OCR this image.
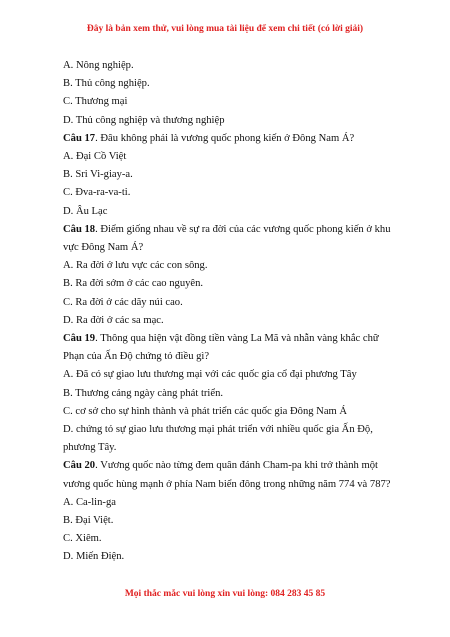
Đây là bản xem thử, vui lòng mua tài liệu để xem chi tiết (có lời giải)
A. Nông nghiệp.
B. Thủ công nghiệp.
C. Thương mại
D. Thủ công nghiệp và thương nghiệp
Câu 17. Đâu không phải là vương quốc phong kiến ở Đông Nam Á?
A. Đại Cồ Việt
B. Sri Vi-giay-a.
C. Đva-ra-va-ti.
D. Âu Lạc
Câu 18. Điểm giống nhau về sự ra đời của các vương quốc phong kiến ở khu vực Đông Nam Á?
A. Ra đời ở lưu vực các con sông.
B. Ra đời sớm ở các cao nguyên.
C. Ra đời ở các dãy núi cao.
D. Ra đời ở các sa mạc.
Câu 19. Thông qua hiện vật đồng tiền vàng La Mã và nhẫn vàng khắc chữ Phạn của Ấn Độ chứng tỏ điều gì?
A. Đã có sự giao lưu thương mại với các quốc gia cổ đại phương Tây
B. Thương cảng ngày càng phát triển.
C. cơ sở cho sự hình thành và phát triển các quốc gia Đông Nam Á
D. chứng tỏ sự giao lưu thương mại phát triển với nhiều quốc gia Ấn Độ, phương Tây.
Câu 20. Vương quốc nào từng đem quân đánh Cham-pa khi trở thành một vương quốc hùng mạnh ở phía Nam biển đông trong những năm 774 và 787?
A. Ca-lin-ga
B. Đại Việt.
C. Xiêm.
D. Miến Điện.
Mọi thắc mắc vui lòng xin vui lòng: 084 283 45 85
